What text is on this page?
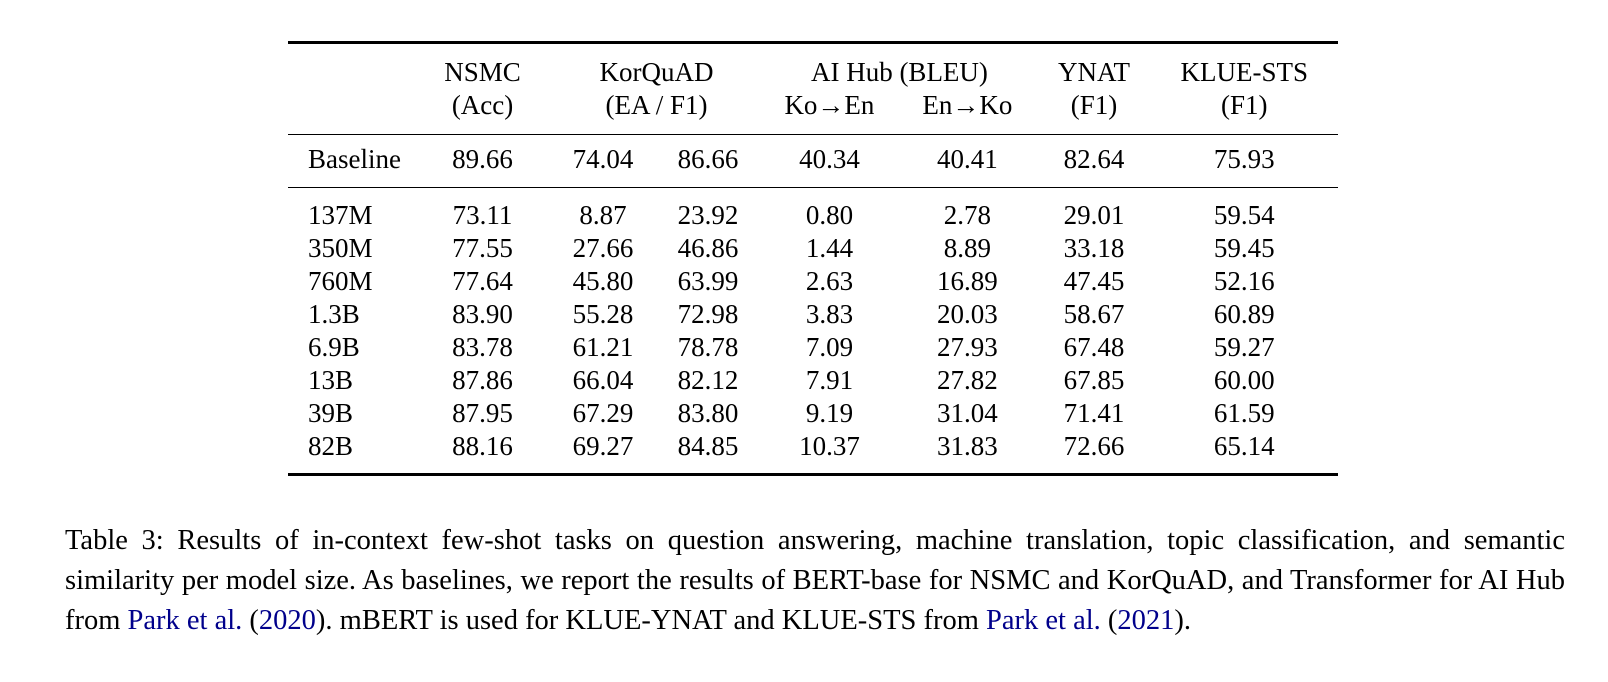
	NSMC	KorQuAD		AI Hub (BLEU)		YNAT	KLUE-STS
	(Acc)	(EA / F1)		Ko→En	En→Ko	(F1)	(F1)
Baseline	89.66	74.04	86.66	40.34	40.41	82.64	75.93
137M	73.11	8.87	23.92	0.80	2.78	29.01	59.54
350M	77.55	27.66	46.86	1.44	8.89	33.18	59.45
760M	77.64	45.80	63.99	2.63	16.89	47.45	52.16
1.3B	83.90	55.28	72.98	3.83	20.03	58.67	60.89
6.9B	83.78	61.21	78.78	7.09	27.93	67.48	59.27
13B	87.86	66.04	82.12	7.91	27.82	67.85	60.00
39B	87.95	67.29	83.80	9.19	31.04	71.41	61.59
82B	88.16	69.27	84.85	10.37	31.83	72.66	65.14

Table 3: Results of in-context few-shot tasks on question answering, machine translation, topic classification, and semantic similarity per model size. As baselines, we report the results of BERT-base for NSMC and KorQuAD, and Transformer for AI Hub from Park et al. (2020). mBERT is used for KLUE-YNAT and KLUE-STS from Park et al. (2021).
